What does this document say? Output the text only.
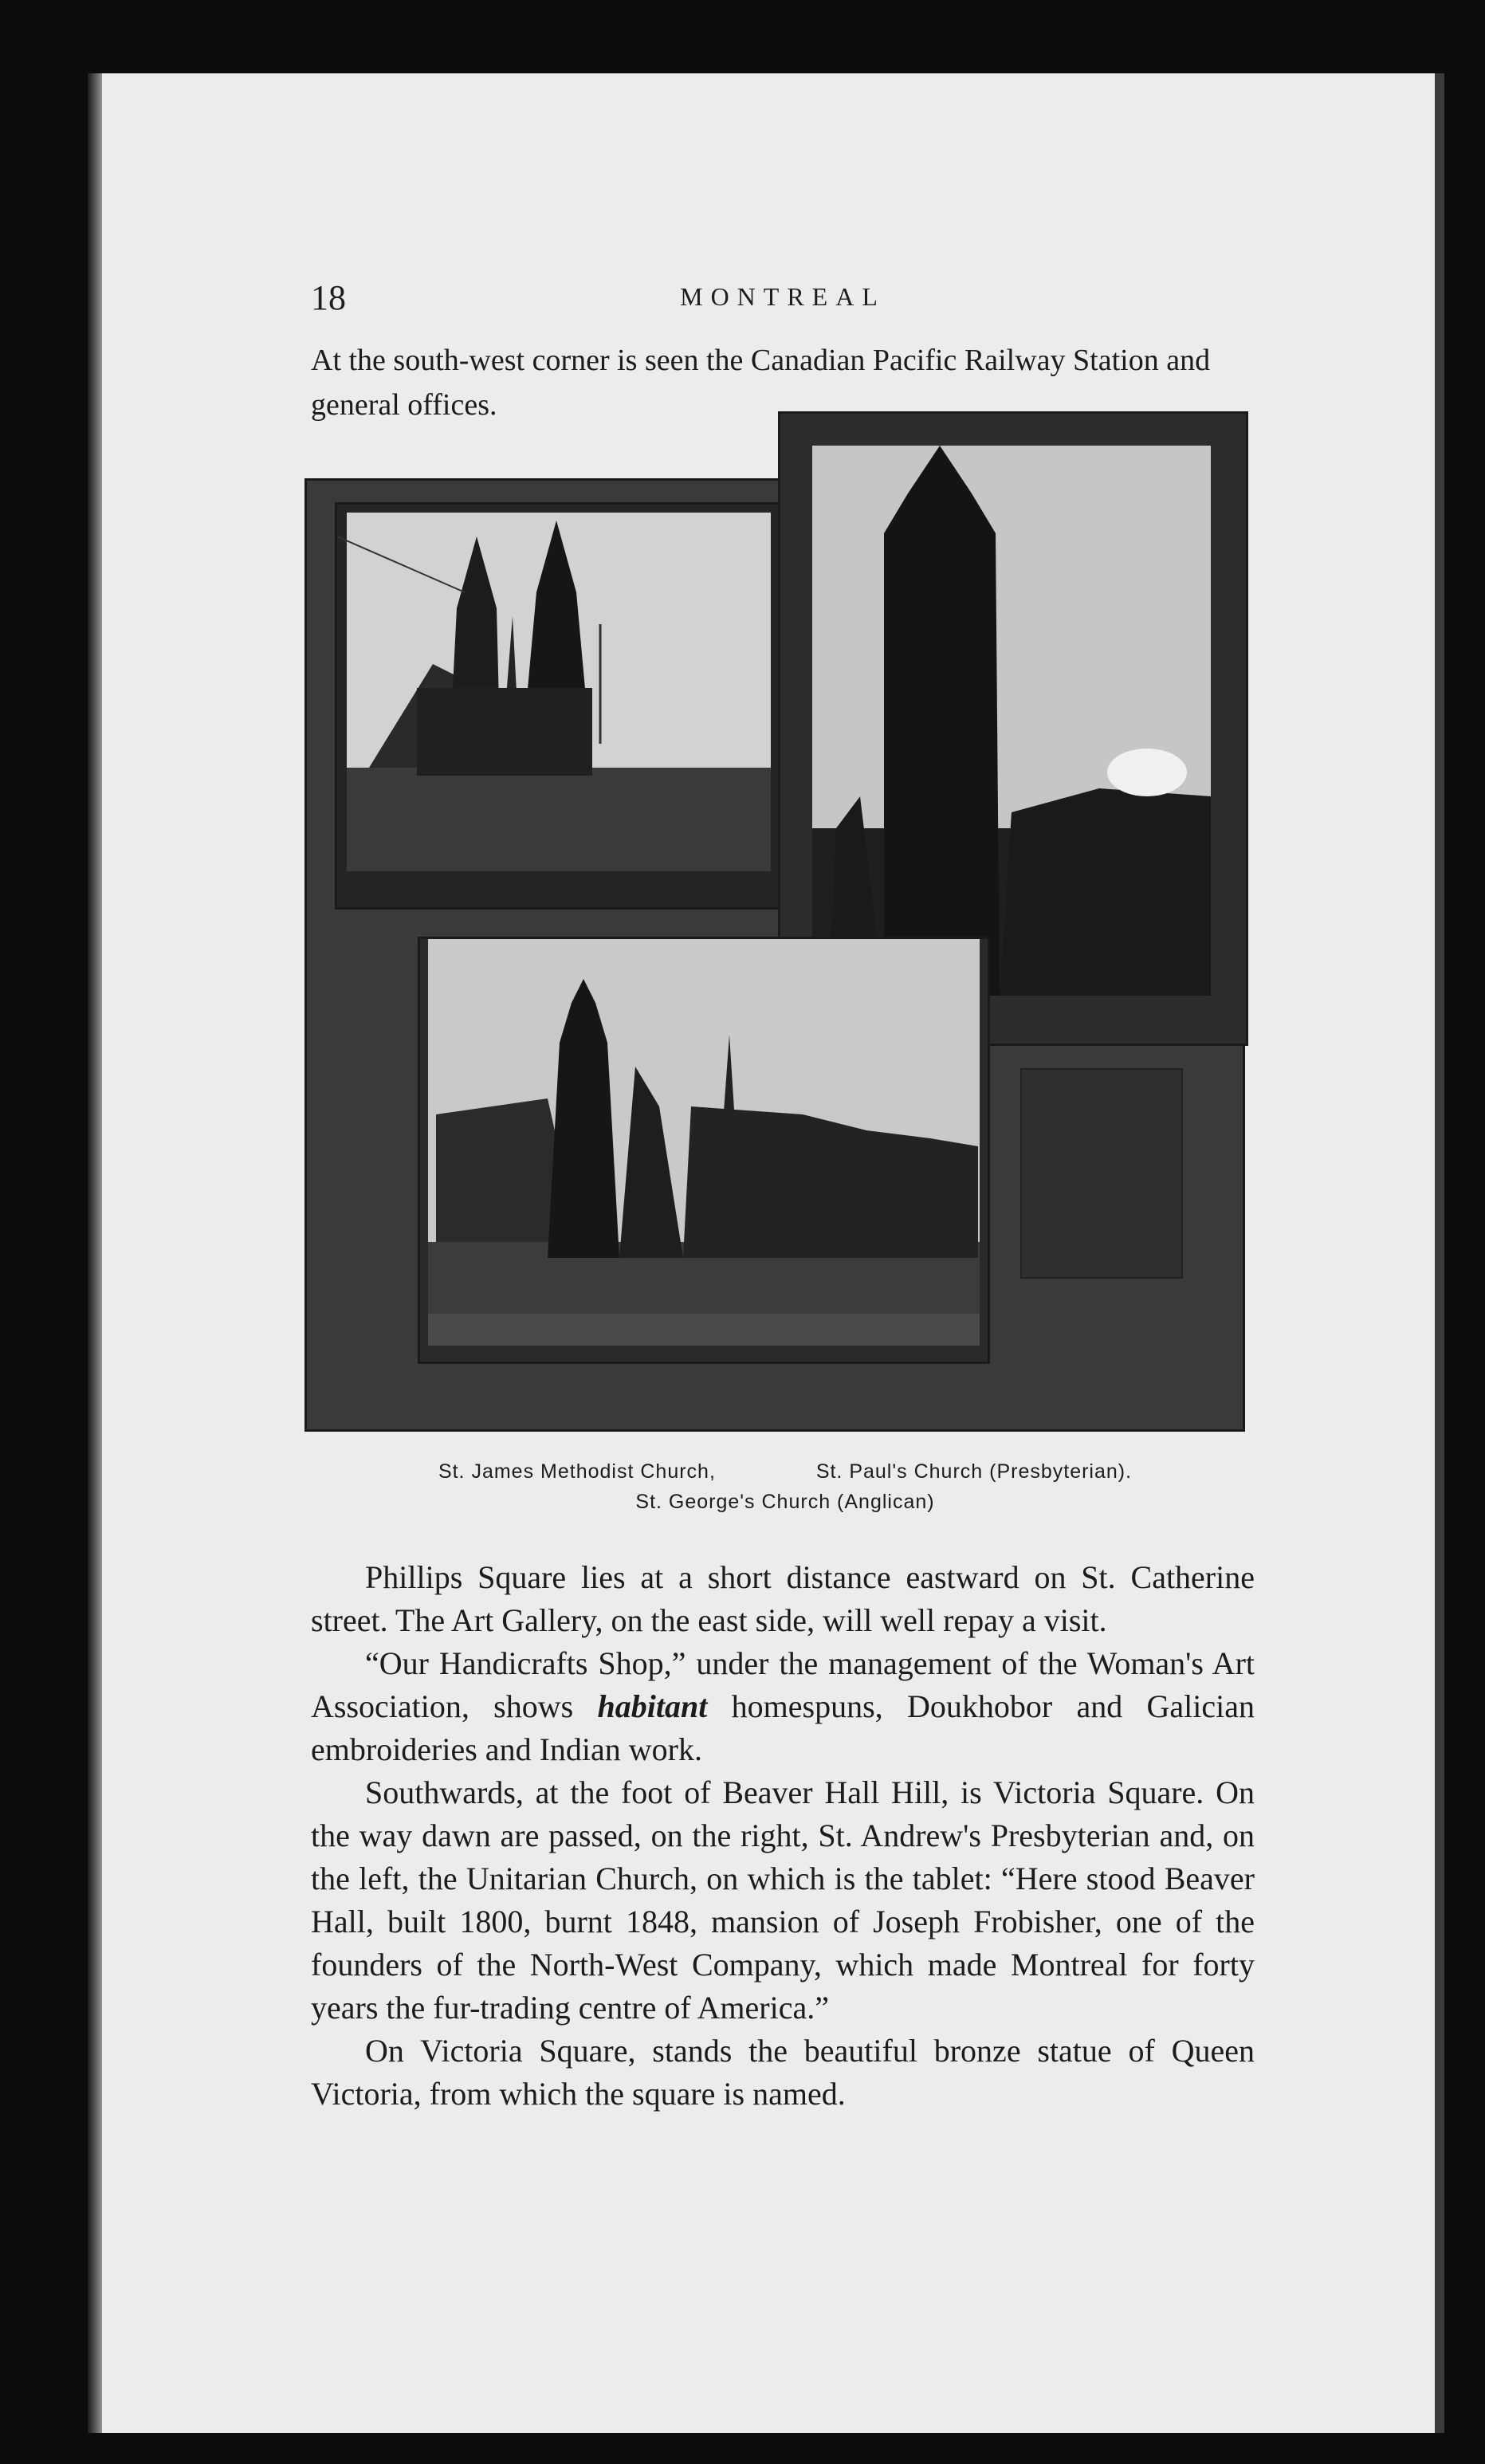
18	MONTREAL

At the south-west corner is seen the Canadian Pacific Railway Station and general offices.

St. James Methodist Church,	St. Paul's Church (Presbyterian).
St. George's Church (Anglican)

Phillips Square lies at a short distance eastward on St. Catherine street. The Art Gallery, on the east side, will well repay a visit.

“Our Handicrafts Shop,” under the management of the Woman's Art Association, shows habitant homespuns, Doukhobor and Galician embroideries and Indian work.

Southwards, at the foot of Beaver Hall Hill, is Victoria Square. On the way dawn are passed, on the right, St. Andrew's Presbyterian and, on the left, the Unitarian Church, on which is the tablet: “Here stood Beaver Hall, built 1800, burnt 1848, mansion of Joseph Frobisher, one of the founders of the North-West Company, which made Montreal for forty years the fur-trading centre of America.”

On Victoria Square, stands the beautiful bronze statue of Queen Victoria, from which the square is named.
